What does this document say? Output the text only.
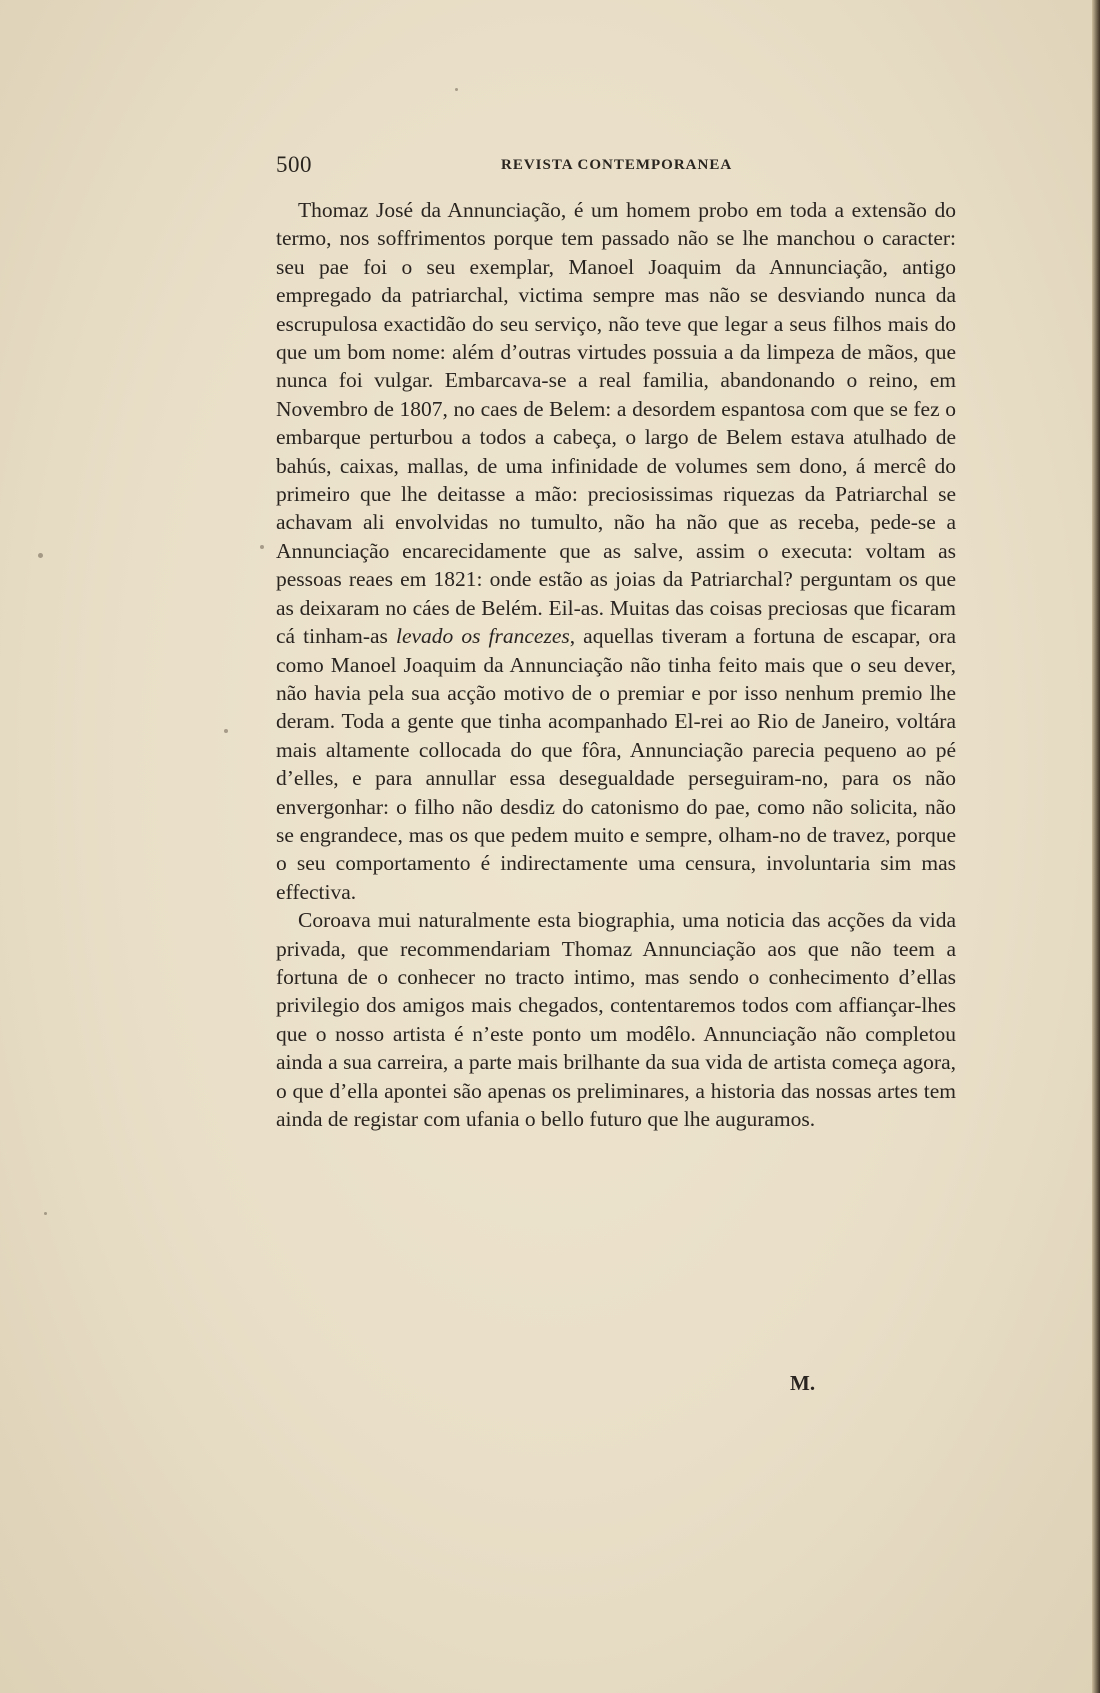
500	REVISTA CONTEMPORANEA

Thomaz José da Annunciação, é um homem probo em toda a extensão do termo, nos soffrimentos porque tem passado não se lhe manchou o caracter: seu pae foi o seu exemplar, Manoel Joaquim da Annunciação, antigo empregado da patriarchal, victima sempre mas não se desviando nunca da escrupulosa exactidão do seu serviço, não teve que legar a seus filhos mais do que um bom nome: além d’outras virtudes possuia a da limpeza de mãos, que nunca foi vulgar. Embarcava-se a real familia, abandonando o reino, em Novembro de 1807, no caes de Belem: a desordem espantosa com que se fez o embarque perturbou a todos a cabeça, o largo de Belem estava atulhado de bahús, caixas, mallas, de uma infinidade de volumes sem dono, á mercê do primeiro que lhe deitasse a mão: preciosissimas riquezas da Patriarchal se achavam ali envolvidas no tumulto, não ha não que as receba, pede-se a Annunciação encarecidamente que as salve, assim o executa: voltam as pessoas reaes em 1821: onde estão as joias da Patriarchal? perguntam os que as deixaram no cáes de Belém. Eil-as. Muitas das coisas preciosas que ficaram cá tinham-as levado os francezes, aquellas tiveram a fortuna de escapar, ora como Manoel Joaquim da Annunciação não tinha feito mais que o seu dever, não havia pela sua acção motivo de o premiar e por isso nenhum premio lhe deram. Toda a gente que tinha acompanhado El-rei ao Rio de Janeiro, voltára mais altamente collocada do que fôra, Annunciação parecia pequeno ao pé d’elles, e para annullar essa desegualdade perseguiram-no, para os não envergonhar: o filho não desdiz do catonismo do pae, como não solicita, não se engrandece, mas os que pedem muito e sempre, olham-no de travez, porque o seu comportamento é indirectamente uma censura, involuntaria sim mas effectiva.

Coroava mui naturalmente esta biographia, uma noticia das acções da vida privada, que recommendariam Thomaz Annunciação aos que não teem a fortuna de o conhecer no tracto intimo, mas sendo o conhecimento d’ellas privilegio dos amigos mais chegados, contentaremos todos com affiançar-lhes que o nosso artista é n’este ponto um modêlo. Annunciação não completou ainda a sua carreira, a parte mais brilhante da sua vida de artista começa agora, o que d’ella apontei são apenas os preliminares, a historia das nossas artes tem ainda de registar com ufania o bello futuro que lhe auguramos.

M.
